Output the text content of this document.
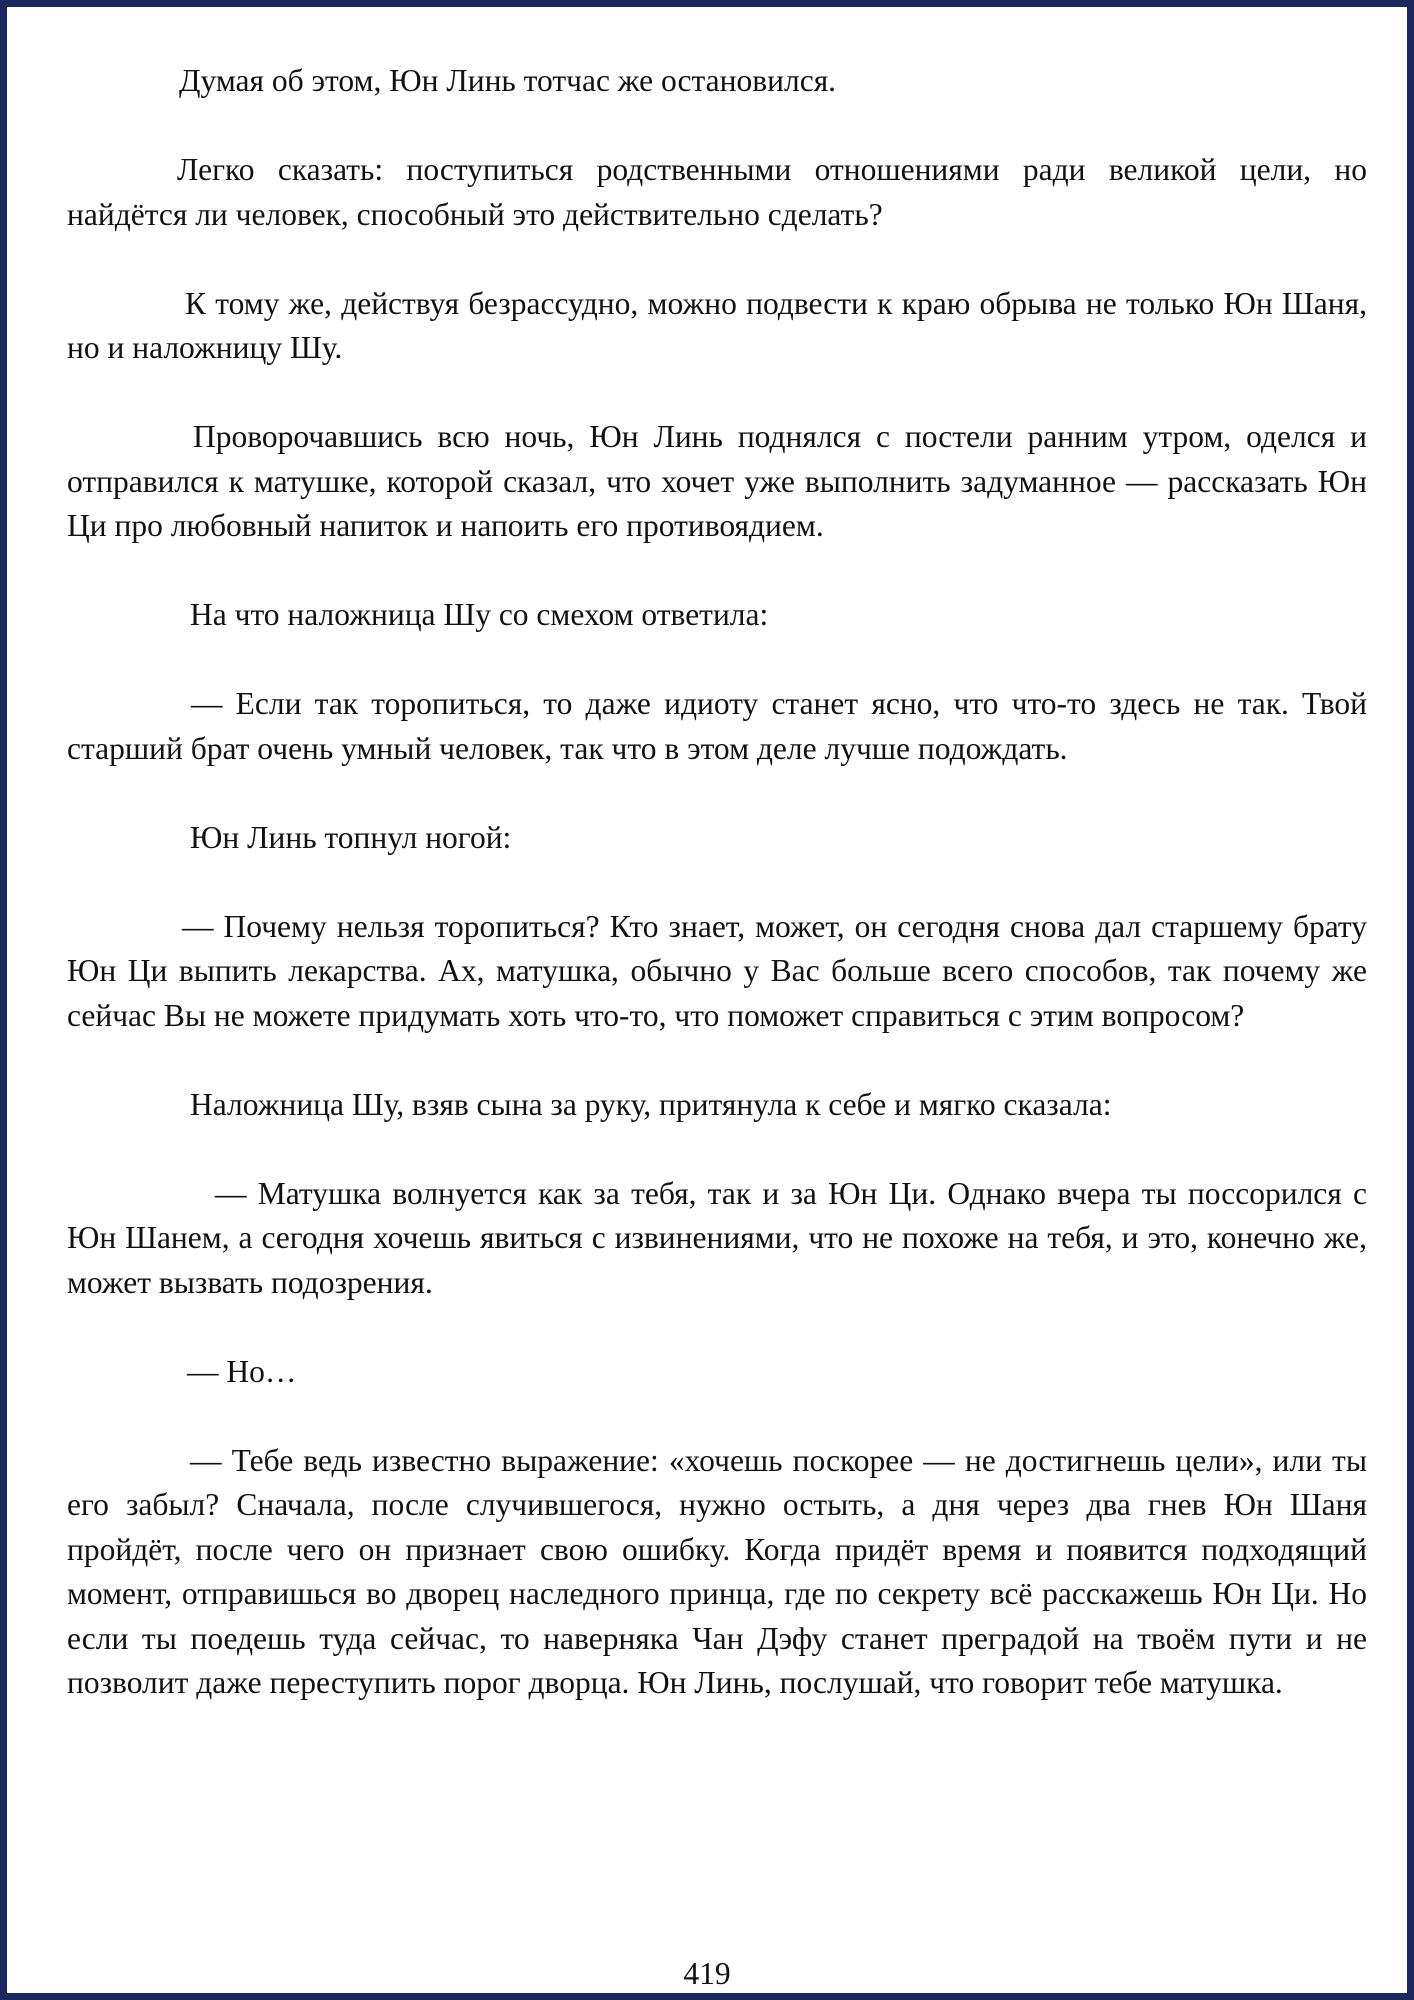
Думая об этом, Юн Линь тотчас же остановился.

Легко сказать: поступиться родственными отношениями ради великой цели, но найдётся ли человек, способный это действительно сделать?

К тому же, действуя безрассудно, можно подвести к краю обрыва не только Юн Шаня, но и наложницу Шу.

Проворочавшись всю ночь, Юн Линь поднялся с постели ранним утром, оделся и отправился к матушке, которой сказал, что хочет уже выполнить задуманное — рассказать Юн Ци про любовный напиток и напоить его противоядием.

На что наложница Шу со смехом ответила:

— Если так торопиться, то даже идиоту станет ясно, что что-то здесь не так. Твой старший брат очень умный человек, так что в этом деле лучше подождать.

Юн Линь топнул ногой:

— Почему нельзя торопиться? Кто знает, может, он сегодня снова дал старшему брату Юн Ци выпить лекарства. Ах, матушка, обычно у Вас больше всего способов, так почему же сейчас Вы не можете придумать хоть что-то, что поможет справиться с этим вопросом?

Наложница Шу, взяв сына за руку, притянула к себе и мягко сказала:

— Матушка волнуется как за тебя, так и за Юн Ци. Однако вчера ты поссорился с Юн Шанем, а сегодня хочешь явиться с извинениями, что не похоже на тебя, и это, конечно же, может вызвать подозрения.

— Но…

— Тебе ведь известно выражение: «хочешь поскорее — не достигнешь цели», или ты его забыл? Сначала, после случившегося, нужно остыть, а дня через два гнев Юн Шаня пройдёт, после чего он признает свою ошибку. Когда придёт время и появится подходящий момент, отправишься во дворец наследного принца, где по секрету всё расскажешь Юн Ци. Но если ты поедешь туда сейчас, то наверняка Чан Дэфу станет преградой на твоём пути и не позволит даже переступить порог дворца. Юн Линь, послушай, что говорит тебе матушка.

419
